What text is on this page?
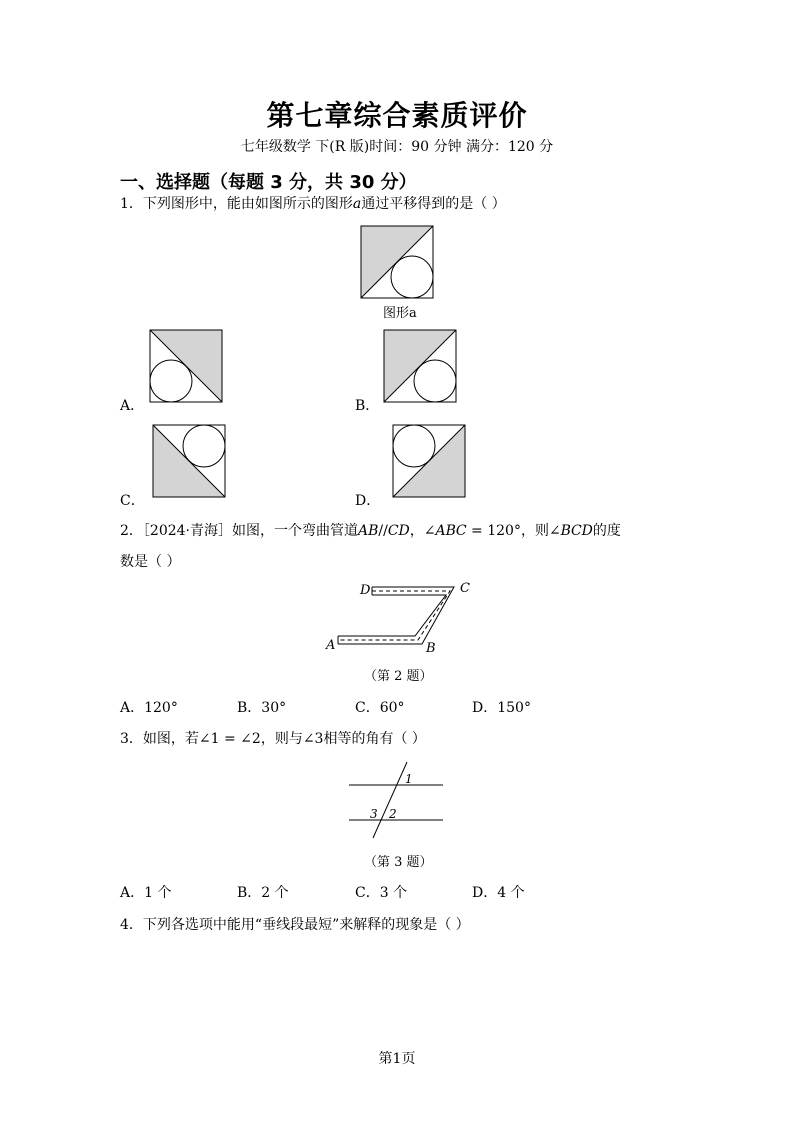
第七章综合素质评价
七年级数学 下(R 版)时间：90 分钟 满分：120 分
一、选择题（每题 3 分，共 30 分）
1．下列图形中，能由如图所示的图形𝑎通过平移得到的是（ ）
图形a
A．	B．
C．	D．
2．［2024·青海］如图，一个弯曲管道𝐴𝐵//𝐶𝐷，∠𝐴𝐵𝐶 = 120°，则∠𝐵𝐶𝐷的度
数是（ ）
D	C
A	B
（第 2 题）
A．120°	B．30°	C．60°	D．150°
3．如图，若∠1 = ∠2，则与∠3相等的角有（ ）
1
2
3
（第 3 题）
A．1 个	B．2 个	C．3 个	D．4 个
4．下列各选项中能用“垂线段最短”来解释的现象是（ ）
第1页
